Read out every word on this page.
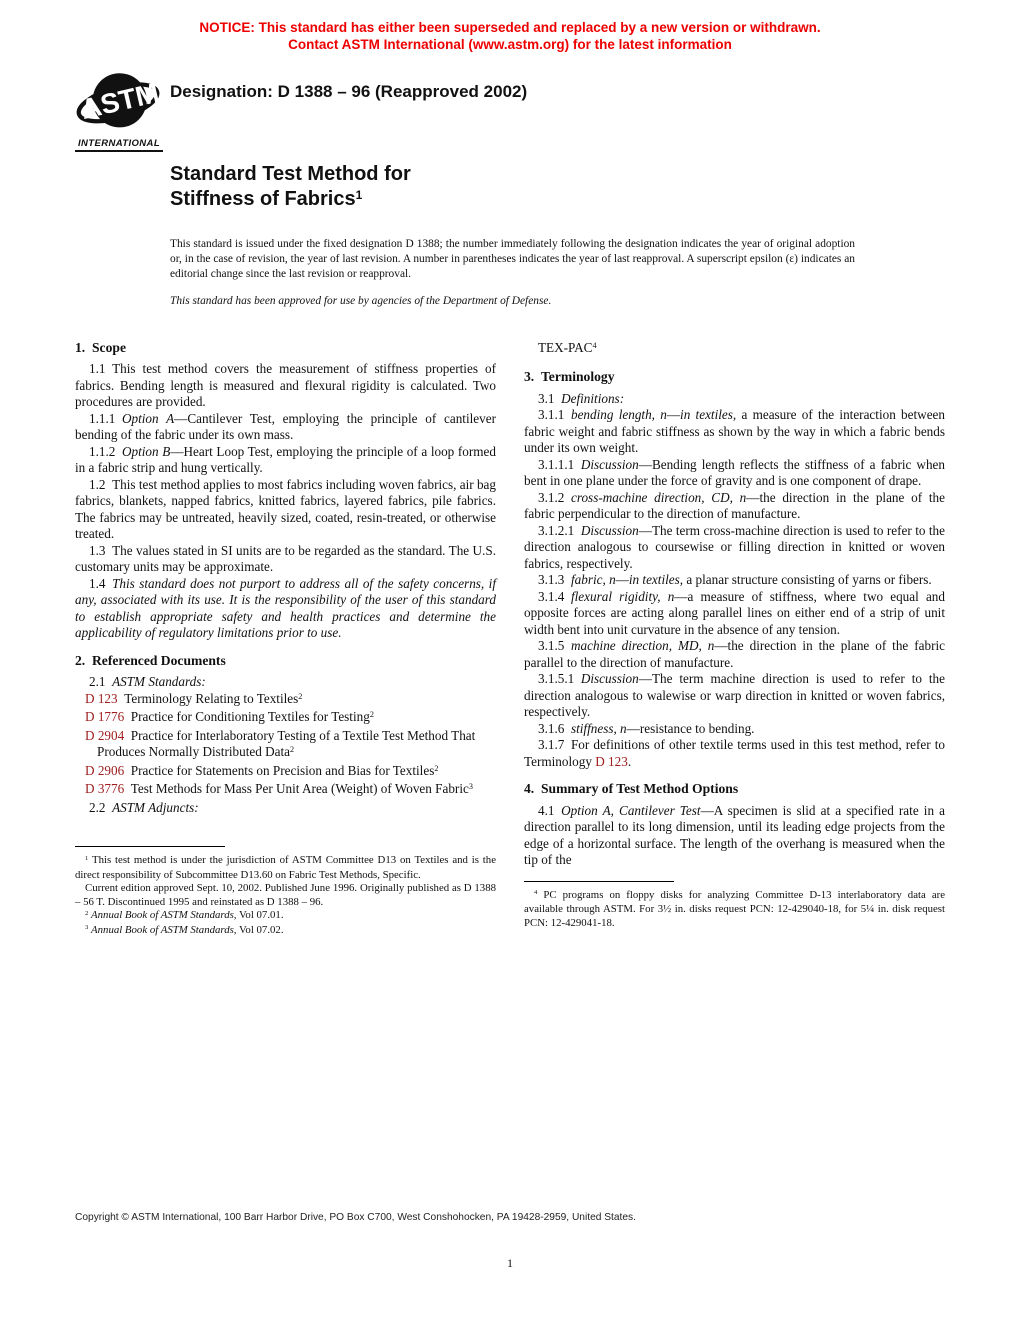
NOTICE: This standard has either been superseded and replaced by a new version or withdrawn.
Contact ASTM International (www.astm.org) for the latest information
ASTM
INTERNATIONAL
Designation: D 1388 – 96 (Reapproved 2002)
Standard Test Method for
Stiffness of Fabrics$^1$
This standard is issued under the fixed designation D 1388; the number immediately following the designation indicates the year of original adoption or, in the case of revision, the year of last revision. A number in parentheses indicates the year of last reapproval. A superscript epsilon (ε) indicates an editorial change since the last revision or reapproval.
This standard has been approved for use by agencies of the Department of Defense.
1. Scope
1.1 This test method covers the measurement of stiffness properties of fabrics. Bending length is measured and flexural rigidity is calculated. Two procedures are provided.
1.1.1 Option A—Cantilever Test, employing the principle of cantilever bending of the fabric under its own mass.
1.1.2 Option B—Heart Loop Test, employing the principle of a loop formed in a fabric strip and hung vertically.
1.2 This test method applies to most fabrics including woven fabrics, air bag fabrics, blankets, napped fabrics, knitted fabrics, layered fabrics, pile fabrics. The fabrics may be untreated, heavily sized, coated, resin-treated, or otherwise treated.
1.3 The values stated in SI units are to be regarded as the standard. The U.S. customary units may be approximate.
1.4 This standard does not purport to address all of the safety concerns, if any, associated with its use. It is the responsibility of the user of this standard to establish appropriate safety and health practices and determine the applicability of regulatory limitations prior to use.
2. Referenced Documents
2.1 ASTM Standards:
D 123 Terminology Relating to Textiles$^2$
D 1776 Practice for Conditioning Textiles for Testing$^2$
D 2904 Practice for Interlaboratory Testing of a Textile Test Method That Produces Normally Distributed Data$^2$
D 2906 Practice for Statements on Precision and Bias for Textiles$^2$
D 3776 Test Methods for Mass Per Unit Area (Weight) of Woven Fabric$^3$
2.2 ASTM Adjuncts:
$^1$ This test method is under the jurisdiction of ASTM Committee D13 on Textiles and is the direct responsibility of Subcommittee D13.60 on Fabric Test Methods, Specific.
Current edition approved Sept. 10, 2002. Published June 1996. Originally published as D 1388 – 56 T. Discontinued 1995 and reinstated as D 1388 – 96.
$^2$ Annual Book of ASTM Standards, Vol 07.01.
$^3$ Annual Book of ASTM Standards, Vol 07.02.
TEX-PAC$^4$
3. Terminology
3.1 Definitions:
3.1.1 bending length, n—in textiles, a measure of the interaction between fabric weight and fabric stiffness as shown by the way in which a fabric bends under its own weight.
3.1.1.1 Discussion—Bending length reflects the stiffness of a fabric when bent in one plane under the force of gravity and is one component of drape.
3.1.2 cross-machine direction, CD, n—the direction in the plane of the fabric perpendicular to the direction of manufacture.
3.1.2.1 Discussion—The term cross-machine direction is used to refer to the direction analogous to coursewise or filling direction in knitted or woven fabrics, respectively.
3.1.3 fabric, n—in textiles, a planar structure consisting of yarns or fibers.
3.1.4 flexural rigidity, n—a measure of stiffness, where two equal and opposite forces are acting along parallel lines on either end of a strip of unit width bent into unit curvature in the absence of any tension.
3.1.5 machine direction, MD, n—the direction in the plane of the fabric parallel to the direction of manufacture.
3.1.5.1 Discussion—The term machine direction is used to refer to the direction analogous to walewise or warp direction in knitted or woven fabrics, respectively.
3.1.6 stiffness, n—resistance to bending.
3.1.7 For definitions of other textile terms used in this test method, refer to Terminology D 123.
4. Summary of Test Method Options
4.1 Option A, Cantilever Test—A specimen is slid at a specified rate in a direction parallel to its long dimension, until its leading edge projects from the edge of a horizontal surface. The length of the overhang is measured when the tip of the
$^4$ PC programs on floppy disks for analyzing Committee D-13 interlaboratory data are available through ASTM. For 3½ in. disks request PCN: 12-429040-18, for 5¼ in. disk request PCN: 12-429041-18.
Copyright © ASTM International, 100 Barr Harbor Drive, PO Box C700, West Conshohocken, PA 19428-2959, United States.
1
